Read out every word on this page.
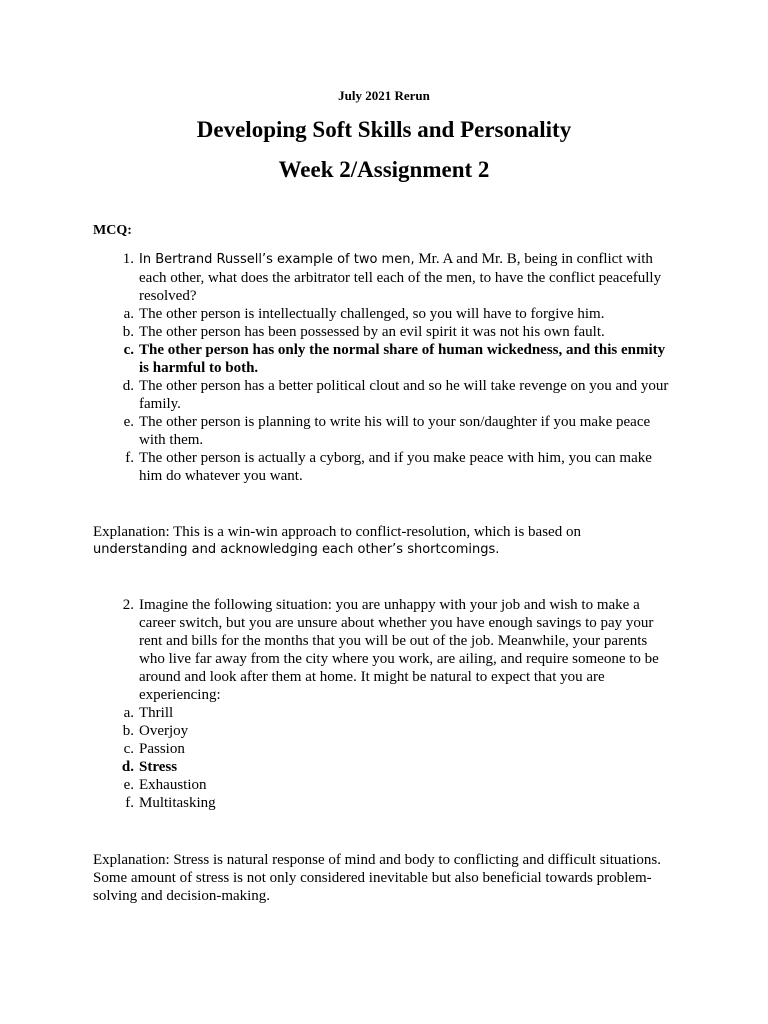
July 2021 Rerun
Developing Soft Skills and Personality
Week 2/Assignment 2
MCQ:
1. In Bertrand Russell’s example of two men, Mr. A and Mr. B, being in conflict with each other, what does the arbitrator tell each of the men, to have the conflict peacefully resolved?
a. The other person is intellectually challenged, so you will have to forgive him.
b. The other person has been possessed by an evil spirit it was not his own fault.
c. The other person has only the normal share of human wickedness, and this enmity is harmful to both.
d. The other person has a better political clout and so he will take revenge on you and your family.
e. The other person is planning to write his will to your son/daughter if you make peace with them.
f. The other person is actually a cyborg, and if you make peace with him, you can make him do whatever you want.
Explanation: This is a win-win approach to conflict-resolution, which is based on
understanding and acknowledging each other’s shortcomings.
2. Imagine the following situation: you are unhappy with your job and wish to make a career switch, but you are unsure about whether you have enough savings to pay your rent and bills for the months that you will be out of the job. Meanwhile, your parents who live far away from the city where you work, are ailing, and require someone to be around and look after them at home. It might be natural to expect that you are experiencing:
a. Thrill
b. Overjoy
c. Passion
d. Stress
e. Exhaustion
f. Multitasking
Explanation: Stress is natural response of mind and body to conflicting and difficult situations. Some amount of stress is not only considered inevitable but also beneficial towards problem-solving and decision-making.
